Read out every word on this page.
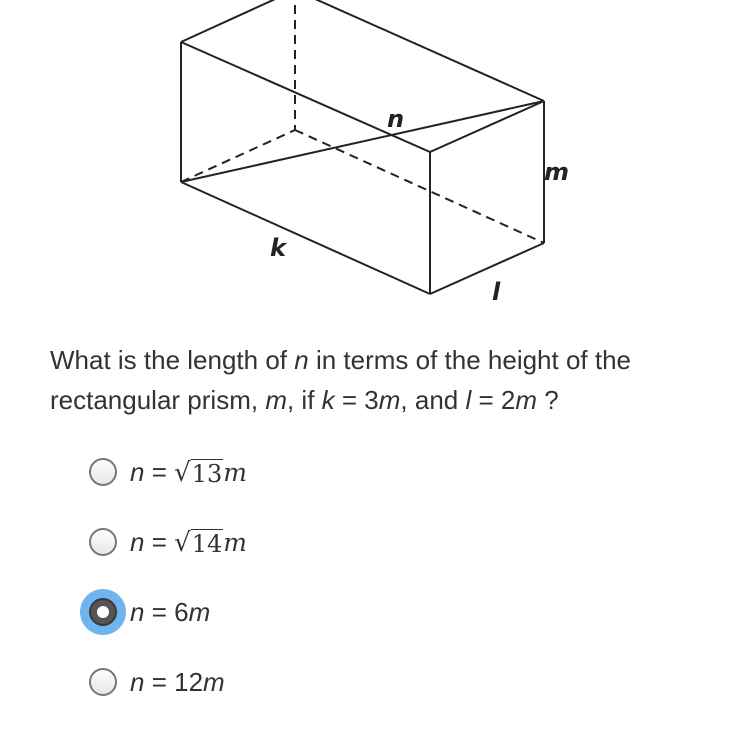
n
m
k
l
What is the length of n in terms of the height of the rectangular prism, m, if k = 3m, and l = 2m ?
n = √ 13 m
n = √ 14 m
n = 6 m
n = 12 m
